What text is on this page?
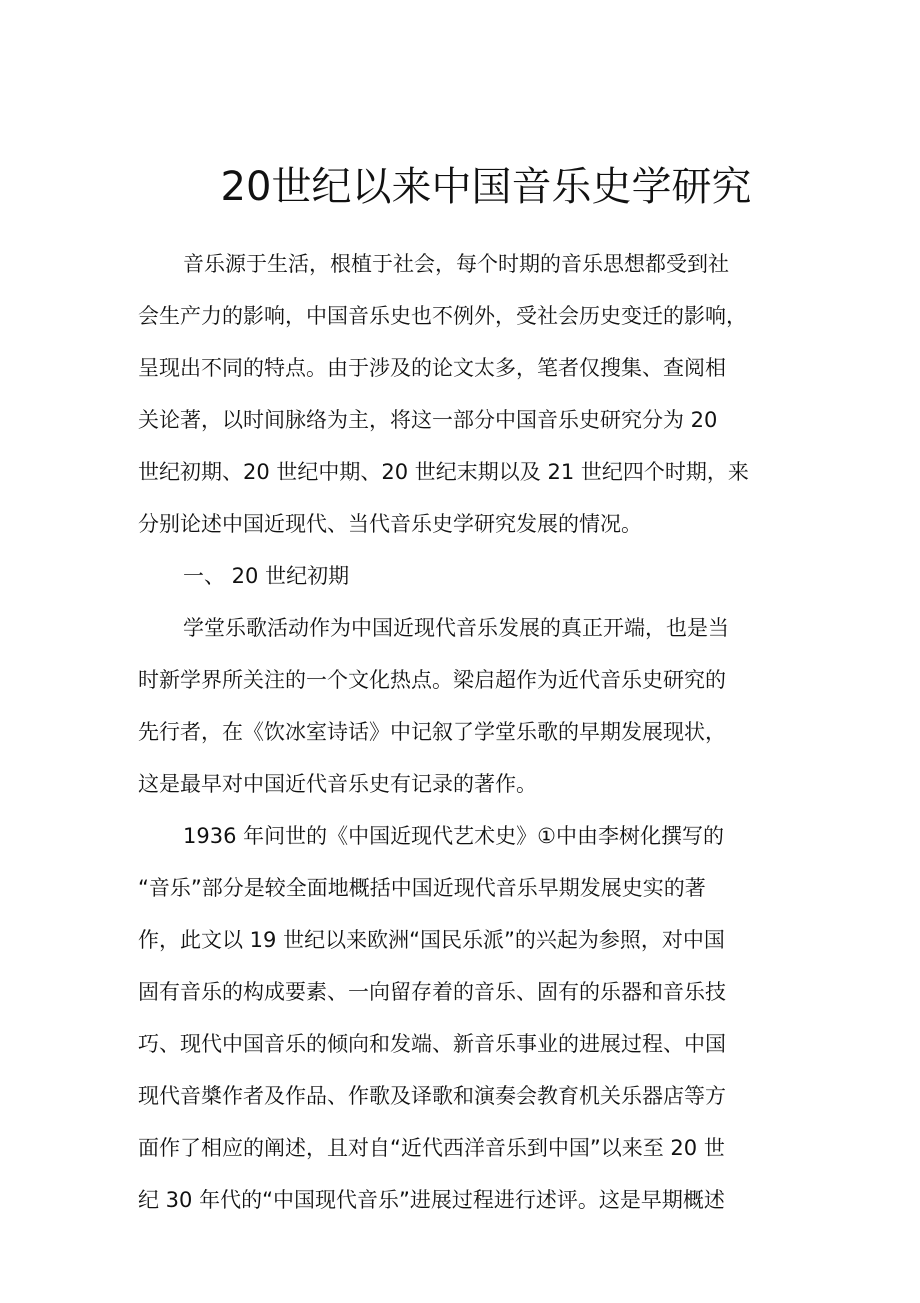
20世纪以来中国音乐史学研究
音乐源于生活，根植于社会，每个时期的音乐思想都受到社
会生产力的影响，中国音乐史也不例外，受社会历史变迁的影响，
呈现出不同的特点。由于涉及的论文太多，笔者仅搜集、查阅相
关论著，以时间脉络为主，将这一部分中国音乐史研究分为 20
世纪初期、20 世纪中期、20 世纪末期以及 21 世纪四个时期，来
分别论述中国近现代、当代音乐史学研究发展的情况。
一、 20 世纪初期
学堂乐歌活动作为中国近现代音乐发展的真正开端，也是当
时新学界所关注的一个文化热点。梁启超作为近代音乐史研究的
先行者，在《饮冰室诗话》中记叙了学堂乐歌的早期发展现状，
这是最早对中国近代音乐史有记录的著作。
1936 年问世的《中国近现代艺术史》①中由李树化撰写的
“音乐”部分是较全面地概括中国近现代音乐早期发展史实的著
作，此文以 19 世纪以来欧洲“国民乐派”的兴起为参照，对中国
固有音乐的构成要素、一向留存着的音乐、固有的乐器和音乐技
巧、现代中国音乐的倾向和发端、新音乐事业的进展过程、中国
现代音槳作者及作品、作歌及译歌和演奏会教育机关乐器店等方
面作了相应的阐述，且对自“近代西洋音乐到中国”以来至 20 世
纪 30 年代的“中国现代音乐”进展过程进行述评。这是早期概述
